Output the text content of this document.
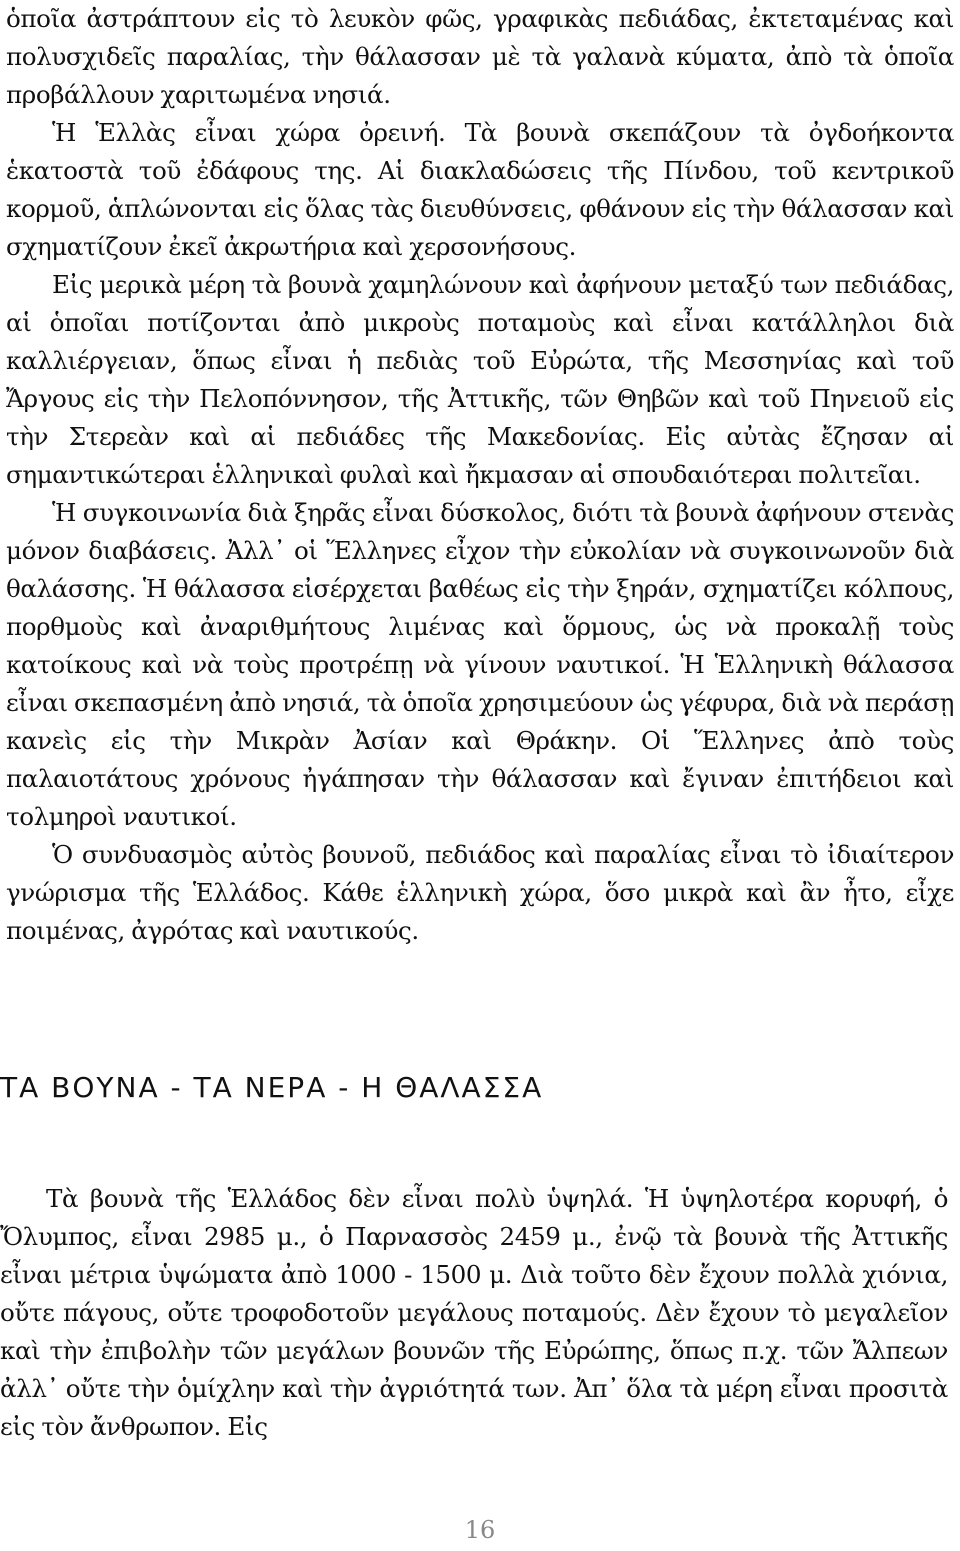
ὁποῖα ἀστράπτουν εἰς τὸ λευκὸν φῶς, γραφικὰς πεδιάδας, ἐκτεταμένας καὶ πολυσχιδεῖς παραλίας, τὴν θάλασσαν μὲ τὰ γαλανὰ κύματα, ἀπὸ τὰ ὁποῖα προβάλλουν χαριτωμένα νησιά.

Ἡ Ἑλλὰς εἶναι χώρα ὀρεινή. Τὰ βουνὰ σκεπάζουν τὰ ὀγδοήκοντα ἑκατοστὰ τοῦ ἐδάφους της. Αἱ διακλαδώσεις τῆς Πίνδου, τοῦ κεντρικοῦ κορμοῦ, ἁπλώνονται εἰς ὅλας τὰς διευθύνσεις, φθάνουν εἰς τὴν θάλασσαν καὶ σχηματίζουν ἐκεῖ ἀκρωτήρια καὶ χερσονήσους.

Εἰς μερικὰ μέρη τὰ βουνὰ χαμηλώνουν καὶ ἀφήνουν μεταξύ των πεδιάδας, αἱ ὁποῖαι ποτίζονται ἀπὸ μικροὺς ποταμοὺς καὶ εἶναι κατάλληλοι διὰ καλλιέργειαν, ὅπως εἶναι ἡ πεδιὰς τοῦ Εὐρώτα, τῆς Μεσσηνίας καὶ τοῦ Ἄργους εἰς τὴν Πελοπόννησον, τῆς Ἀττικῆς, τῶν Θηβῶν καὶ τοῦ Πηνειοῦ εἰς τὴν Στερεὰν καὶ αἱ πεδιάδες τῆς Μακεδονίας. Εἰς αὐτὰς ἔζησαν αἱ σημαντικώτεραι ἑλληνικαὶ φυλαὶ καὶ ἤκμασαν αἱ σπουδαιότεραι πολιτεῖαι.

Ἡ συγκοινωνία διὰ ξηρᾶς εἶναι δύσκολος, διότι τὰ βουνὰ ἀφήνουν στενὰς μόνον διαβάσεις. Ἀλλ᾽ οἱ Ἕλληνες εἶχον τὴν εὐκολίαν νὰ συγκοινωνοῦν διὰ θαλάσσης. Ἡ θάλασσα εἰσέρχεται βαθέως εἰς τὴν ξηράν, σχηματίζει κόλπους, πορθμοὺς καὶ ἀναριθμήτους λιμένας καὶ ὅρμους, ὡς νὰ προκαλῇ τοὺς κατοίκους καὶ νὰ τοὺς προτρέπῃ νὰ γίνουν ναυτικοί. Ἡ Ἑλληνικὴ θάλασσα εἶναι σκεπασμένη ἀπὸ νησιά, τὰ ὁποῖα χρησιμεύουν ὡς γέφυρα, διὰ νὰ περάσῃ κανεὶς εἰς τὴν Μικρὰν Ἀσίαν καὶ Θράκην. Οἱ Ἕλληνες ἀπὸ τοὺς παλαιοτάτους χρόνους ἠγάπησαν τὴν θάλασσαν καὶ ἔγιναν ἐπιτήδειοι καὶ τολμηροὶ ναυτικοί.

Ὁ συνδυασμὸς αὐτὸς βουνοῦ, πεδιάδος καὶ παραλίας εἶναι τὸ ἰδιαίτερον γνώρισμα τῆς Ἑλλάδος. Κάθε ἑλληνικὴ χώρα, ὅσο μικρὰ καὶ ἂν ἦτο, εἶχε ποιμένας, ἀγρότας καὶ ναυτικούς.

ΤΑ ΒΟΥΝΑ - ΤΑ ΝΕΡΑ - Η ΘΑΛΑΣΣΑ

Τὰ βουνὰ τῆς Ἑλλάδος δὲν εἶναι πολὺ ὑψηλά. Ἡ ὑψηλοτέρα κορυφή, ὁ Ὄλυμπος, εἶναι 2985 μ., ὁ Παρνασσὸς 2459 μ., ἐνῷ τὰ βουνὰ τῆς Ἀττικῆς εἶναι μέτρια ὑψώματα ἀπὸ 1000 - 1500 μ. Διὰ τοῦτο δὲν ἔχουν πολλὰ χιόνια, οὔτε πάγους, οὔτε τροφοδοτοῦν μεγάλους ποταμούς. Δὲν ἔχουν τὸ μεγαλεῖον καὶ τὴν ἐπιβολὴν τῶν μεγάλων βουνῶν τῆς Εὐρώπης, ὅπως π.χ. τῶν Ἄλπεων ἀλλ᾽ οὔτε τὴν ὁμίχλην καὶ τὴν ἀγριότητά των. Ἀπ᾽ ὅλα τὰ μέρη εἶναι προσιτὰ εἰς τὸν ἄνθρωπον. Εἰς

16
